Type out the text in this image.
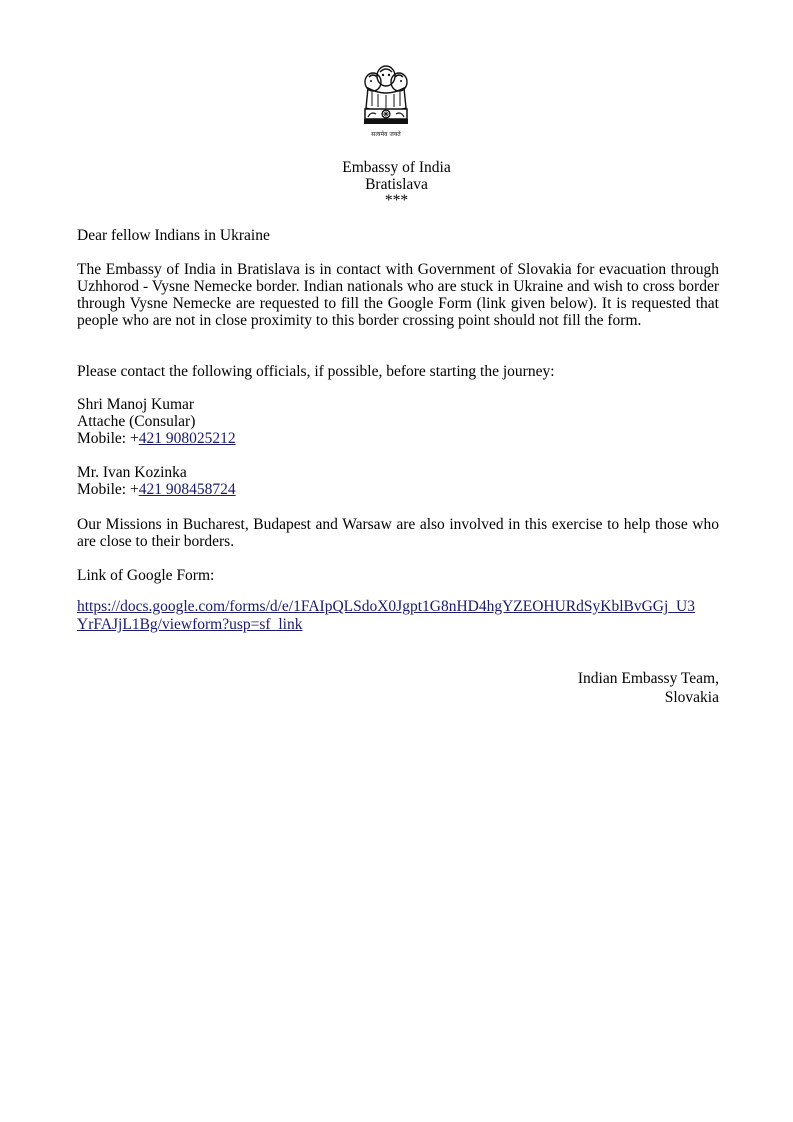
सत्यमेव जयते
Embassy of India
Bratislava
***
Dear fellow Indians in Ukraine
The Embassy of India in Bratislava is in contact with Government of Slovakia for evacuation through Uzhhorod - Vysne Nemecke border. Indian nationals who are stuck in Ukraine and wish to cross border through Vysne Nemecke are requested to fill the Google Form (link given below). It is requested that people who are not in close proximity to this border crossing point should not fill the form.
Please contact the following officials, if possible, before starting the journey:
Shri Manoj Kumar
Attache (Consular)
Mobile: +421 908025212
Mr. Ivan Kozinka
Mobile: +421 908458724
Our Missions in Bucharest, Budapest and Warsaw are also involved in this exercise to help those who are close to their borders.
Link of Google Form:
https://docs.google.com/forms/d/e/1FAIpQLSdoX0Jgpt1G8nHD4hgYZEOHURdSyKblBvGGj_U3
YrFAJjL1Bg/viewform?usp=sf_link
Indian Embassy Team,
Slovakia
